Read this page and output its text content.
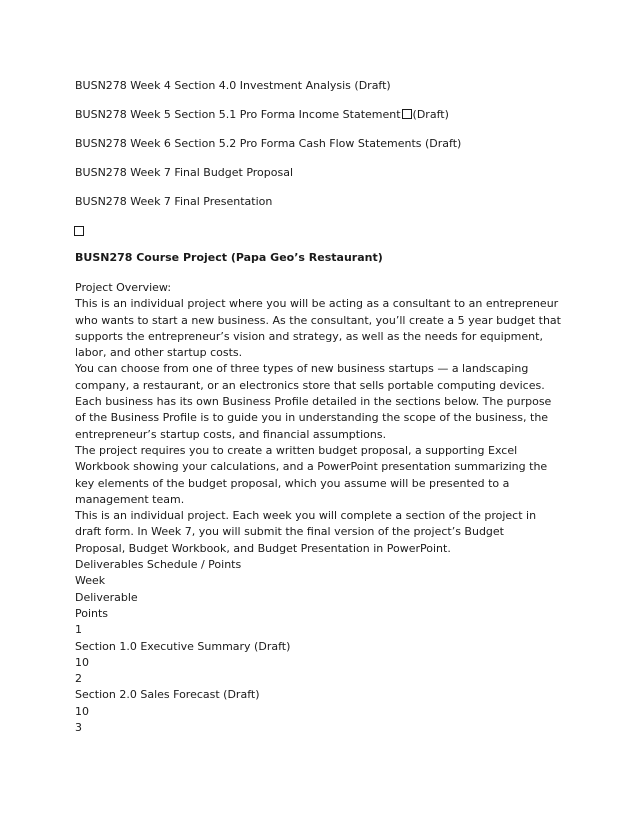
BUSN278 Week 4 Section 4.0 Investment Analysis (Draft)
BUSN278 Week 5 Section 5.1 Pro Forma Income Statement (Draft)
BUSN278 Week 6 Section 5.2 Pro Forma Cash Flow Statements (Draft)
BUSN278 Week 7 Final Budget Proposal
BUSN278 Week 7 Final Presentation
BUSN278 Course Project (Papa Geo’s Restaurant)
Project Overview:
This is an individual project where you will be acting as a consultant to an entrepreneur
who wants to start a new business. As the consultant, you’ll create a 5 year budget that
supports the entrepreneur’s vision and strategy, as well as the needs for equipment,
labor, and other startup costs.
You can choose from one of three types of new business startups — a landscaping
company, a restaurant, or an electronics store that sells portable computing devices.
Each business has its own Business Profile detailed in the sections below. The purpose
of the Business Profile is to guide you in understanding the scope of the business, the
entrepreneur’s startup costs, and financial assumptions.
The project requires you to create a written budget proposal, a supporting Excel
Workbook showing your calculations, and a PowerPoint presentation summarizing the
key elements of the budget proposal, which you assume will be presented to a
management team.
This is an individual project. Each week you will complete a section of the project in
draft form. In Week 7, you will submit the final version of the project’s Budget
Proposal, Budget Workbook, and Budget Presentation in PowerPoint.
Deliverables Schedule / Points
Week
Deliverable
Points
1
Section 1.0 Executive Summary (Draft)
10
2
Section 2.0 Sales Forecast (Draft)
10
3
